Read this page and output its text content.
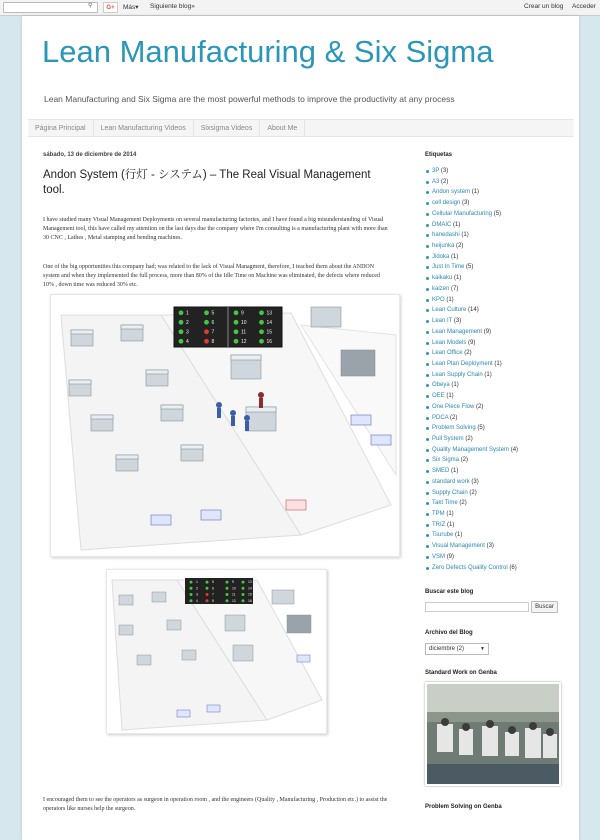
⚲	G+	Más▾ Siguiente blog»	Crear un blog Acceder
Lean Manufacturing & Six Sigma
Lean Manufacturing and Six Sigma are the most powerful methods to improve the productivity at any process
Página Principal	Lean Manufacturing Videos	Sixsigma Videos	About Me
sábado, 13 de diciembre de 2014
Andon System (行灯 - システム) – The Real Visual Management tool.

I have studied many Visual Management Deployments on several manufacturing factories, and I have found a big misunderstanding of Visual Management tool, this have called my attention on the last days due the company where I'm consulting is a manufacturing plant with more than 30 CNC , Lathes , Metal stamping and bending machines.

One of the big opportunities this company had; was related to the lack of Visual Managment, therefore, I teached them about the ANDON system and when they implemented the full process, more than 80% of the Idle Time on Machine was eliminated, the defects where reduced 10% , down time was reduced 30% etc.

1	5	9	13
2	6	10	14
3	7	11	15
4	8	12	16
1	5	9	13
2	6	10	14
3	7	11	15
4	8	12	16

I encouraged them to see the operators as surgeon in operation room , and the engineers (Quality , Manufacturing , Production etc.) to assist the operators like nurses help the surgeon.

Etiquetas
3P (3)
A3 (2)
Andon system (1)
cell design (3)
Cellular Manufacturing (5)
DMAIC (1)
hanedashi (1)
heijunka (2)
Jidoka (1)
Just In Time (5)
kaikaku (1)
kaizen (7)
KPO (1)
Lean Culture (14)
Lean IT (3)
Lean Management (9)
Lean Models (9)
Lean Office (2)
Lean Plan Deployment (1)
Lean Supply Chain (1)
Obeya (1)
OEE (1)
One Piece Flow (2)
PDCA (2)
Problem Solving (5)
Pull System (2)
Quality Management System (4)
Six Sigma (2)
SMED (1)
standard work (3)
Supply Chain (2)
Takt Time (2)
TPM (1)
TRIZ (1)
Tsurube (1)
Visual Management (3)
VSM (9)
Zero Defects Quality Control (6)
Buscar este blog
Buscar
Archivo del Blog
diciembre (2)	▼
Standard Work on Genba
Problem Solving on Genba
